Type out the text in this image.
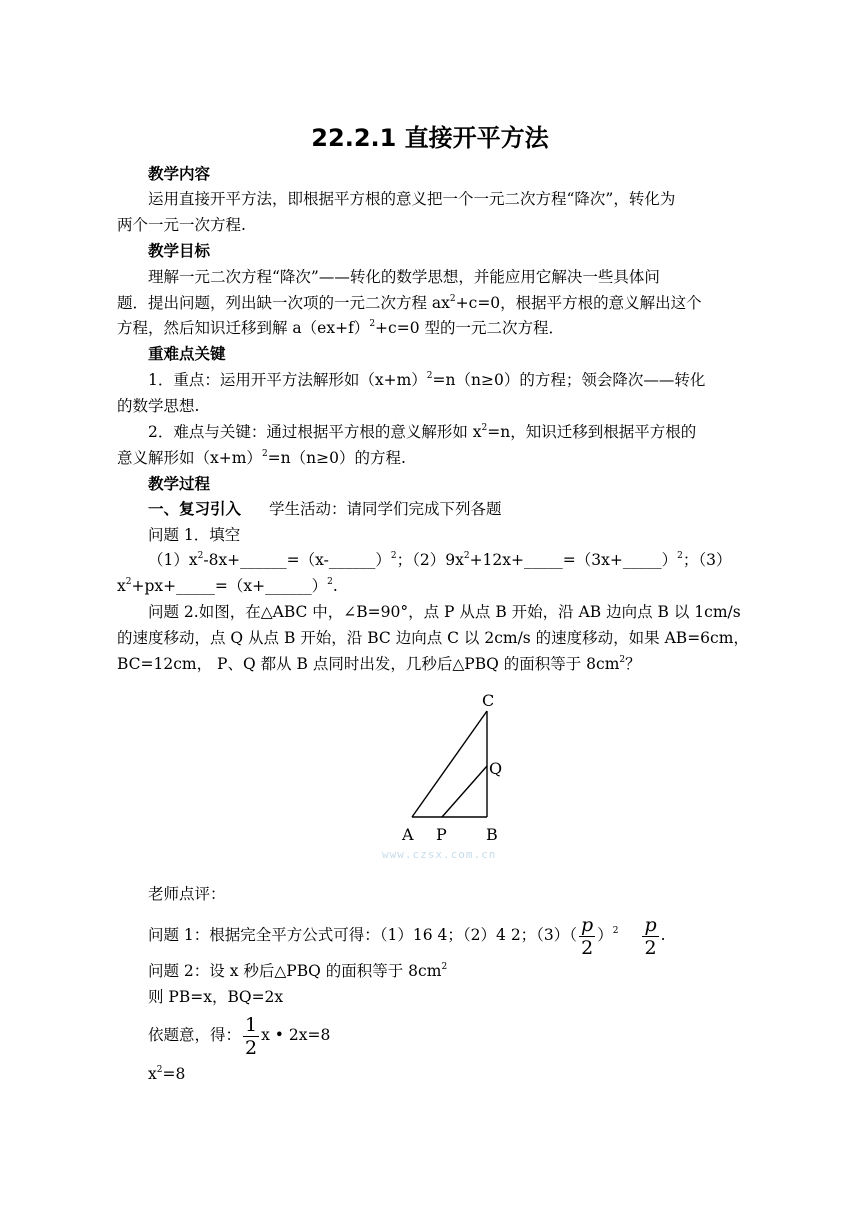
22.2.1 直接开平方法
教学内容
运用直接开平方法，即根据平方根的意义把一个一元二次方程“降次”，转化为
两个一元一次方程.
教学目标
理解一元二次方程“降次”——转化的数学思想，并能应用它解决一些具体问
题．提出问题，列出缺一次项的一元二次方程 $ax^2+c=0$，根据平方根的意义解出这个
方程，然后知识迁移到解 $a(ex+f)^2+c=0$ 型的一元二次方程．
重难点关键
1．重点：运用开平方法解形如$(x+m)^2=n(n\ge 0)$的方程；领会降次——转化
的数学思想.
2．难点与关键：通过根据平方根的意义解形如 $x^2=n$，知识迁移到根据平方根的
意义解形如$(x+m)^2=n(n\ge 0)$的方程.
教学过程
一、复习引入 学生活动：请同学们完成下列各题
问题 1．填空
$(1)x^2-8x+\_\_\_\_\_\_=(x-\_\_\_\_\_\_)^2$；$(2)9x^2+12x+\_\_\_\_\_=(3x+\_\_\_\_\_)^2$；（3）
$x^2+px+\_\_\_\_\_=(x+\_\_\_\_\_\_)^2$.
问题 2.如图，在△ABC 中，∠B=90°，点 P 从点 B 开始，沿 AB 边向点 B 以 1cm/s
的速度移动，点 Q 从点 B 开始，沿 BC 边向点 C 以 2cm/s 的速度移动，如果 AB=6cm，
BC=12cm， P、Q 都从 B 点同时出发，几秒后△PBQ 的面积等于 $8cm^2$？
C
Q
A P B
www.czsx.com.cn
老师点评：
问题 1：根据完全平方公式可得：（1）16 4；（2）4 2；$(3)( \frac{p}{2} )^2 \frac{p}{2}$ .
问题 2：设 x 秒后△PBQ 的面积等于 $8cm^2$
则 PB=x，BQ=2x
依题意，得： $\frac{1}{2}$ x • 2x=8
$x^2=8$
